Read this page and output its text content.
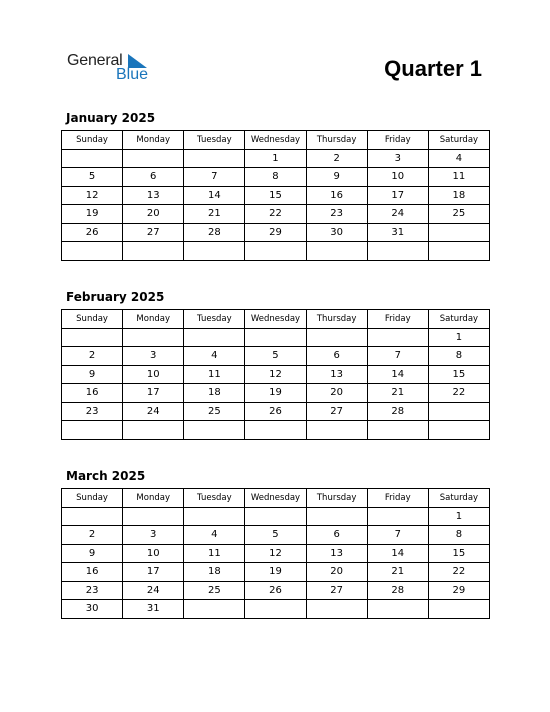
General
Blue	Quarter 1
January 2025
Sunday	Monday	Tuesday	Wednesday	Thursday	Friday	Saturday
			1	2	3	4
5	6	7	8	9	10	11
12	13	14	15	16	17	18
19	20	21	22	23	24	25
26	27	28	29	30	31	

February 2025
Sunday	Monday	Tuesday	Wednesday	Thursday	Friday	Saturday
						1
2	3	4	5	6	7	8
9	10	11	12	13	14	15
16	17	18	19	20	21	22
23	24	25	26	27	28	

March 2025
Sunday	Monday	Tuesday	Wednesday	Thursday	Friday	Saturday
						1
2	3	4	5	6	7	8
9	10	11	12	13	14	15
16	17	18	19	20	21	22
23	24	25	26	27	28	29
30	31					
